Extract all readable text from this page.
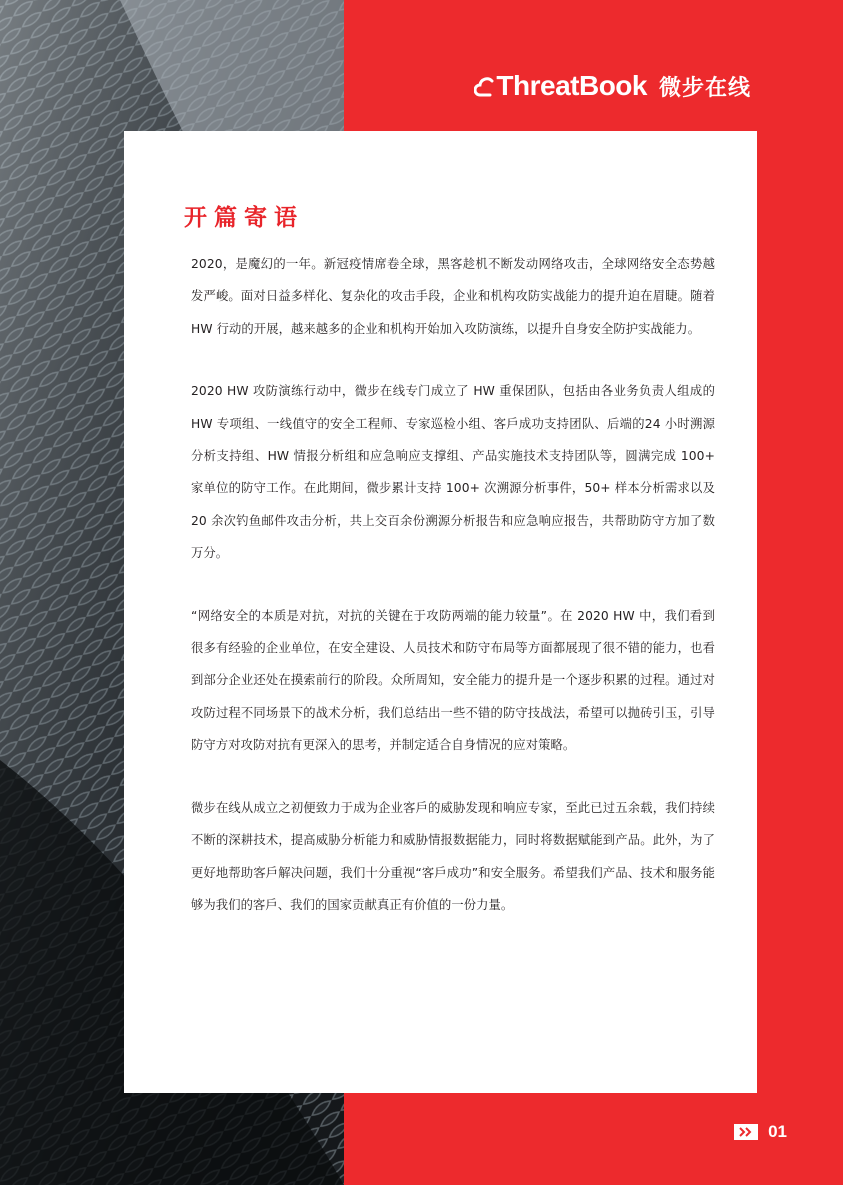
ThreatBook 微步在线
开篇寄语

2020，是魔幻的一年。新冠疫情席卷全球，黑客趁机不断发动网络攻击，全球网络安全态势越发严峻。面对日益多样化、复杂化的攻击手段，企业和机构攻防实战能力的提升迫在眉睫。随着 HW 行动的开展，越来越多的企业和机构开始加入攻防演练，以提升自身安全防护实战能力。

2020 HW 攻防演练行动中，微步在线专门成立了 HW 重保团队，包括由各业务负责人组成的 HW 专项组、一线值守的安全工程师、专家巡检小组、客戶成功支持团队、后端的24 小时溯源分析支持组、HW 情报分析组和应急响应支撑组、产品实施技术支持团队等，圆满完成 100+ 家单位的防守工作。在此期间，微步累计支持 100+ 次溯源分析事件，50+ 样本分析需求以及 20 余次钓鱼邮件攻击分析，共上交百余份溯源分析报告和应急响应报告，共帮助防守方加了数万分。

“网络安全的本质是对抗，对抗的关键在于攻防两端的能力较量”。在 2020 HW 中，我们看到很多有经验的企业单位，在安全建设、人员技术和防守布局等方面都展现了很不错的能力，也看到部分企业还处在摸索前行的阶段。众所周知，安全能力的提升是一个逐步积累的过程。通过对攻防过程不同场景下的战术分析，我们总结出一些不错的防守技战法，希望可以抛砖引玉，引导防守方对攻防对抗有更深入的思考，并制定适合自身情况的应对策略。

微步在线从成立之初便致力于成为企业客戶的威胁发现和响应专家，至此已过五余载，我们持续不断的深耕技术，提高威胁分析能力和威胁情报数据能力，同时将数据赋能到产品。此外，为了更好地帮助客戶解决问题，我们十分重视“客戶成功”和安全服务。希望我们产品、技术和服务能够为我们的客戶、我们的国家贡献真正有价值的一份力量。

01
